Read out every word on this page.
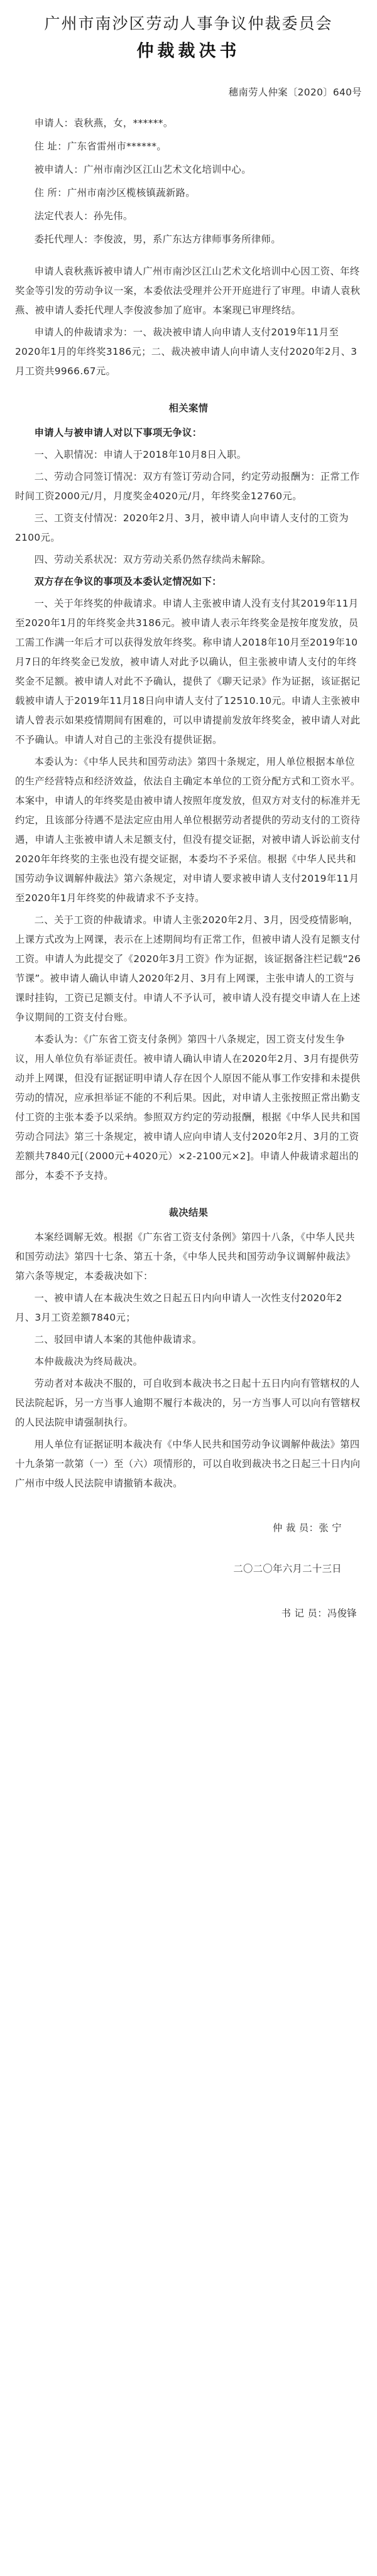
广州市南沙区劳动人事争议仲裁委员会
仲裁裁决书

穗南劳人仲案〔2020〕640号

申请人：袁秋燕，女，******。

住 址：广东省雷州市******。

被申请人：广州市南沙区江山艺术文化培训中心。

住 所：广州市南沙区榄核镇蔬新路。

法定代表人：孙先伟。

委托代理人：李俊波，男，系广东达方律师事务所律师。

申请人袁秋燕诉被申请人广州市南沙区江山艺术文化培训中心因工资、年终奖金等引发的劳动争议一案，本委依法受理并公开开庭进行了审理。申请人袁秋燕、被申请人委托代理人李俊波参加了庭审。本案现已审理终结。

申请人的仲裁请求为：一、裁决被申请人向申请人支付2019年11月至2020年1月的年终奖3186元；二、裁决被申请人向申请人支付2020年2月、3月工资共9966.67元。

相关案情

申请人与被申请人对以下事项无争议：

一、入职情况：申请人于2018年10月8日入职。

二、劳动合同签订情况：双方有签订劳动合同，约定劳动报酬为：正常工作时间工资2000元/月，月度奖金4020元/月，年终奖金12760元。

三、工资支付情况：2020年2月、3月，被申请人向申请人支付的工资为2100元。

四、劳动关系状况：双方劳动关系仍然存续尚未解除。

双方存在争议的事项及本委认定情况如下：

一、关于年终奖的仲裁请求。申请人主张被申请人没有支付其2019年11月至2020年1月的年终奖金共3186元。被申请人表示年终奖金是按年度发放，员工需工作满一年后才可以获得发放年终奖。称申请人2018年10月至2019年10月7日的年终奖金已发放，被申请人对此予以确认，但主张被申请人支付的年终奖金不足额。被申请人对此不予确认，提供了《聊天记录》作为证据，该证据记载被申请人于2019年11月18日向申请人支付了12510.10元。申请人主张被申请人曾表示如果疫情期间有困难的，可以申请提前发放年终奖金，被申请人对此不予确认。申请人对自己的主张没有提供证据。

本委认为：《中华人民共和国劳动法》第四十条规定，用人单位根据本单位的生产经营特点和经济效益，依法自主确定本单位的工资分配方式和工资水平。本案中，申请人的年终奖是由被申请人按照年度发放，但双方对支付的标准并无约定，且该部分待遇不是法定应由用人单位根据劳动者提供的劳动支付的工资待遇，申请人主张被申请人未足额支付，但没有提交证据，对被申请人诉讼前支付2020年年终奖的主张也没有提交证据，本委均不予采信。根据《中华人民共和国劳动争议调解仲裁法》第六条规定，对申请人要求被申请人支付2019年11月至2020年1月年终奖的仲裁请求不予支持。

二、关于工资的仲裁请求。申请人主张2020年2月、3月，因受疫情影响，上课方式改为上网课，表示在上述期间均有正常工作，但被申请人没有足额支付工资。申请人为此提交了《2020年3月工资》作为证据，该证据备注栏记载“26节课”。被申请人确认申请人2020年2月、3月有上网课，主张申请人的工资与课时挂钩，工资已足额支付。申请人不予认可，被申请人没有提交申请人在上述争议期间的工资支付台账。

本委认为：《广东省工资支付条例》第四十八条规定，因工资支付发生争议，用人单位负有举证责任。被申请人确认申请人在2020年2月、3月有提供劳动并上网课，但没有证据证明申请人存在因个人原因不能从事工作安排和未提供劳动的情况，应承担举证不能的不利后果。因此，对申请人主张按照正常出勤支付工资的主张本委予以采纳。参照双方约定的劳动报酬，根据《中华人民共和国劳动合同法》第三十条规定，被申请人应向申请人支付2020年2月、3月的工资差额共7840元[（2000元+4020元）×2-2100元×2]。申请人仲裁请求超出的部分，本委不予支持。

裁决结果

本案经调解无效。根据《广东省工资支付条例》第四十八条，《中华人民共和国劳动法》第四十七条、第五十条，《中华人民共和国劳动争议调解仲裁法》第六条等规定，本委裁决如下：

一、被申请人在本裁决生效之日起五日内向申请人一次性支付2020年2月、3月工资差额7840元；

二、驳回申请人本案的其他仲裁请求。

本仲裁裁决为终局裁决。

劳动者对本裁决不服的，可自收到本裁决书之日起十五日内向有管辖权的人民法院起诉，另一方当事人逾期不履行本裁决的，另一方当事人可以向有管辖权的人民法院申请强制执行。

用人单位有证据证明本裁决有《中华人民共和国劳动争议调解仲裁法》第四十九条第一款第（一）至（六）项情形的，可以自收到裁决书之日起三十日内向广州市中级人民法院申请撤销本裁决。

仲 裁 员：张 宁

二〇二〇年六月二十三日

书 记 员：冯俊锋
